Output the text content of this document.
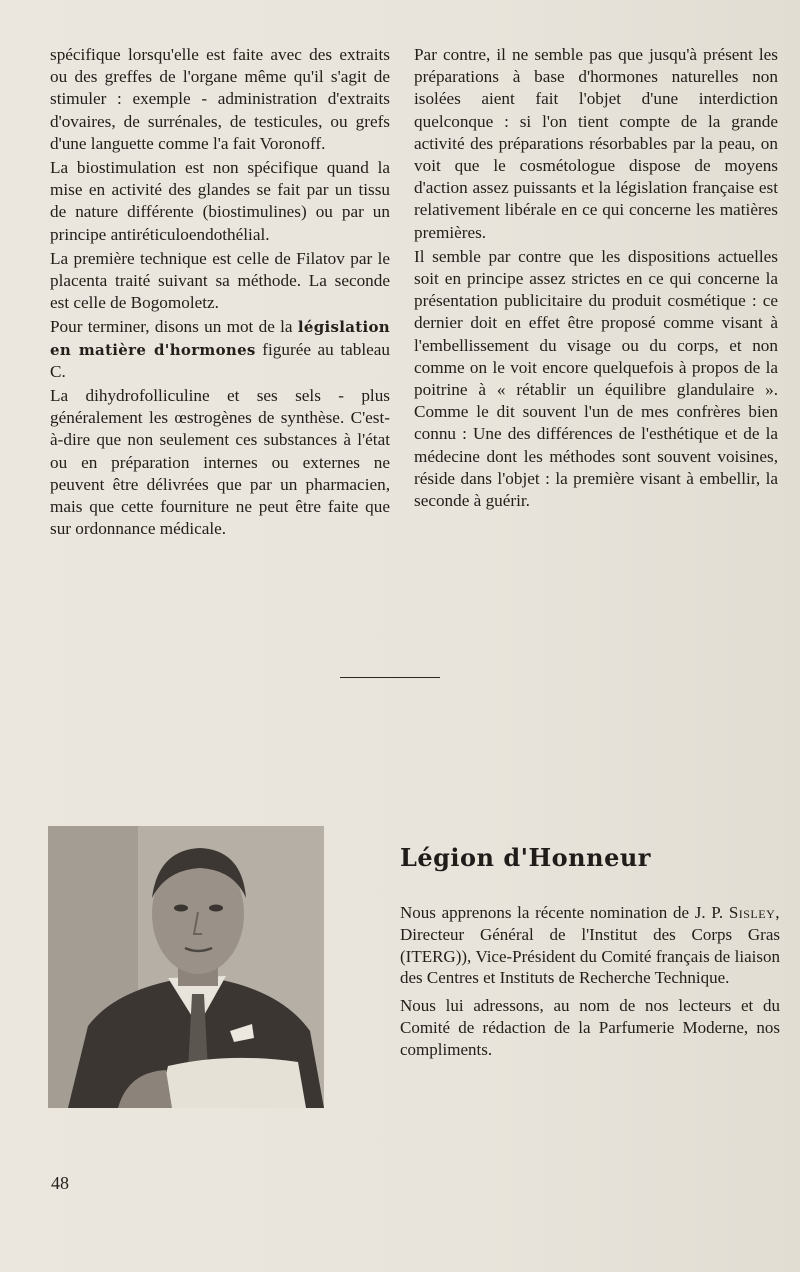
spécifique lorsqu'elle est faite avec des extraits ou des greffes de l'organe même qu'il s'agit de stimuler : exemple - administration d'extraits d'ovaires, de surrénales, de testicules, ou grefs d'une languette comme l'a fait Voronoff.

La biostimulation est non spécifique quand la mise en activité des glandes se fait par un tissu de nature différente (biostimulines) ou par un principe antiréticuloendothélial.

La première technique est celle de Filatov par le placenta traité suivant sa méthode. La seconde est celle de Bogomoletz.

Pour terminer, disons un mot de la législation en matière d'hormones figurée au tableau C.

La dihydrofolliculine et ses sels - plus généralement les œstrogènes de synthèse. C'est-à-dire que non seulement ces substances à l'état ou en préparation internes ou externes ne peuvent être délivrées que par un pharmacien, mais que cette fourniture ne peut être faite que sur ordonnance médicale.

Par contre, il ne semble pas que jusqu'à présent les préparations à base d'hormones naturelles non isolées aient fait l'objet d'une interdiction quelconque : si l'on tient compte de la grande activité des préparations résorbables par la peau, on voit que le cosmétologue dispose de moyens d'action assez puissants et la législation française est relativement libérale en ce qui concerne les matières premières.

Il semble par contre que les dispositions actuelles soit en principe assez strictes en ce qui concerne la présentation publicitaire du produit cosmétique : ce dernier doit en effet être proposé comme visant à l'embellissement du visage ou du corps, et non comme on le voit encore quelquefois à propos de la poitrine à « rétablir un équilibre glandulaire ». Comme le dit souvent l'un de mes confrères bien connu : Une des différences de l'esthétique et de la médecine dont les méthodes sont souvent voisines, réside dans l'objet : la première visant à embellir, la seconde à guérir.

Légion d'Honneur

Nous apprenons la récente nomination de J. P. Sisley, Directeur Général de l'Institut des Corps Gras (ITERG)), Vice-Président du Comité français de liaison des Centres et Instituts de Recherche Technique.

Nous lui adressons, au nom de nos lecteurs et du Comité de rédaction de la Parfumerie Moderne, nos compliments.

48
